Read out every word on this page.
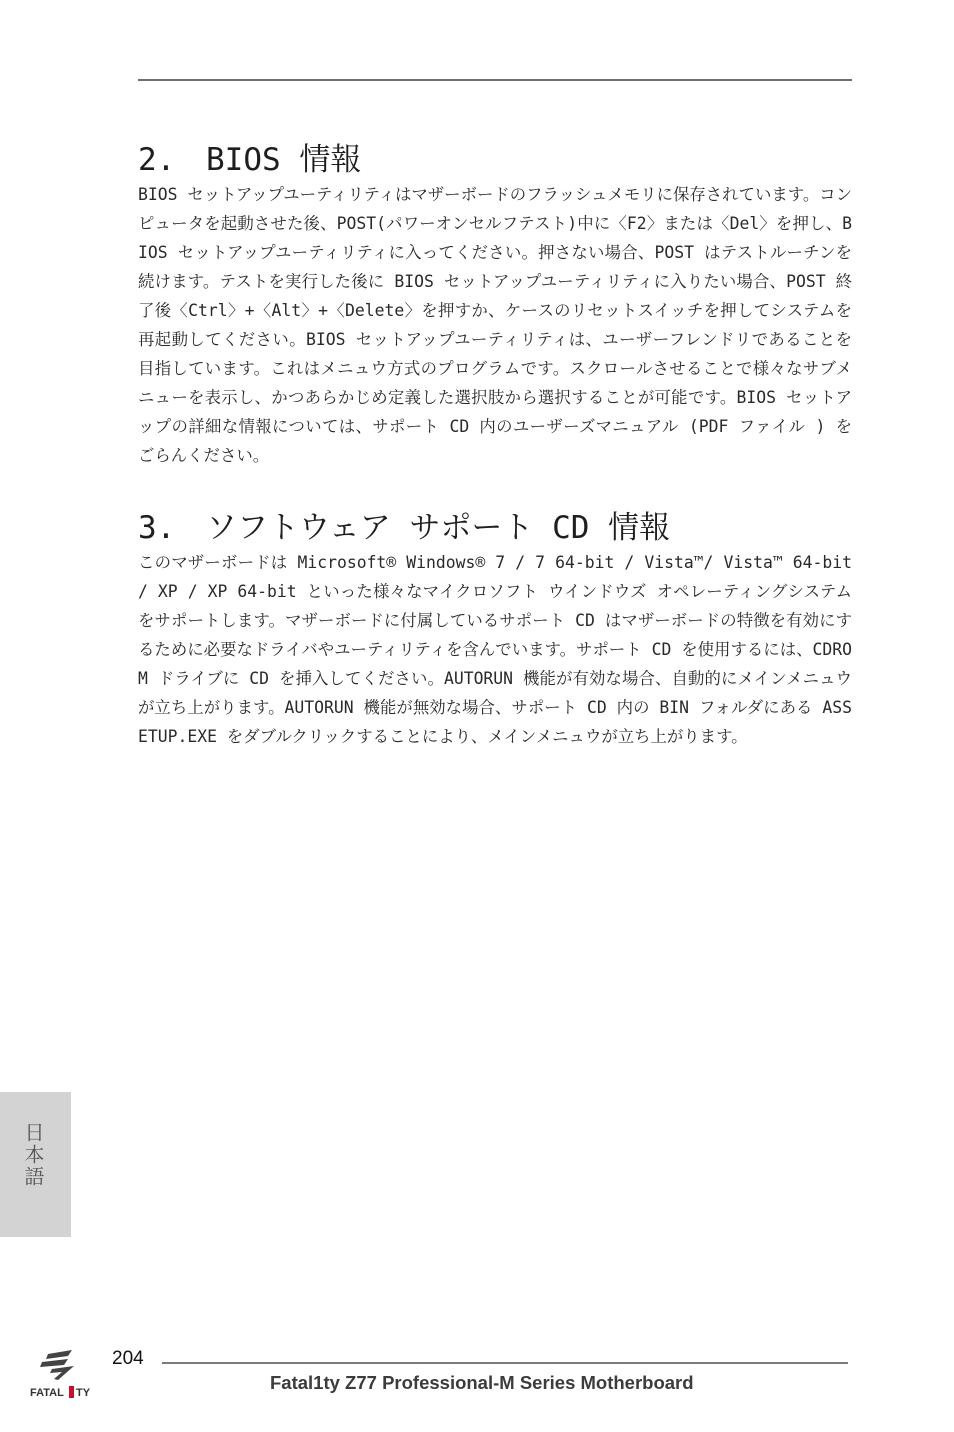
2. BIOS 情報

BIOS セットアップユーティリティはマザーボードのフラッシュメモリに保存されています。コンピュータを起動させた後、POST(パワーオンセルフテスト)中に〈F2〉または〈Del〉を押し、BIOS セットアップユーティリティに入ってください。押さない場合、POST はテストルーチンを続けます。テストを実行した後に BIOS セットアップユーティリティに入りたい場合、POST 終了後〈Ctrl〉+〈Alt〉+〈Delete〉を押すか、ケースのリセットスイッチを押してシステムを再起動してください。BIOS セットアップユーティリティは、ユーザーフレンドリであることを目指しています。これはメニュウ方式のプログラムです。スクロールさせることで様々なサブメニューを表示し、かつあらかじめ定義した選択肢から選択することが可能です。BIOS セットアップの詳細な情報については、サポート CD 内のユーザーズマニュアル (PDF ファイル ) をごらんください。

3. ソフトウェア サポート CD 情報

このマザーボードは Microsoft® Windows® 7 / 7 64-bit / Vista™/ Vista™ 64-bit / XP / XP 64-bit といった様々なマイクロソフト ウインドウズ オペレーティングシステムをサポートします。マザーボードに付属しているサポート CD はマザーボードの特徴を有効にするために必要なドライバやユーティリティを含んでいます。サポート CD を使用するには、CDROM ドライブに CD を挿入してください。AUTORUN 機能が有効な場合、自動的にメインメニュウが立ち上がります。AUTORUN 機能が無効な場合、サポート CD 内の BIN フォルダにある ASSETUP.EXE をダブルクリックすることにより、メインメニュウが立ち上がります。

日本語
FATAL TY
204
Fatal1ty Z77 Professional-M Series Motherboard
